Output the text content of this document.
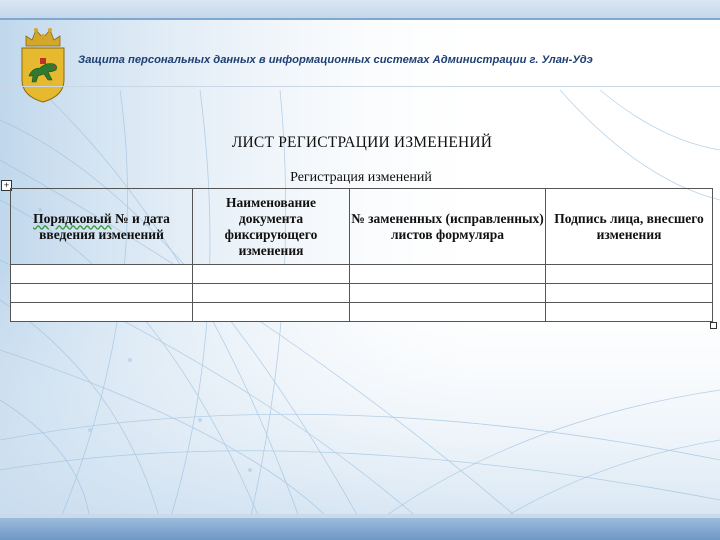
Защита персональных данных в информационных системах Администрации г. Улан-Удэ
ЛИСТ РЕГИСТРАЦИИ ИЗМЕНЕНИЙ
Регистрация изменений
+
Порядковый № и дата введения изменений	Наименование документа фиксирующего изменения	№ замененных (исправленных) листов формуляра	Подпись лица, внесшего изменения
